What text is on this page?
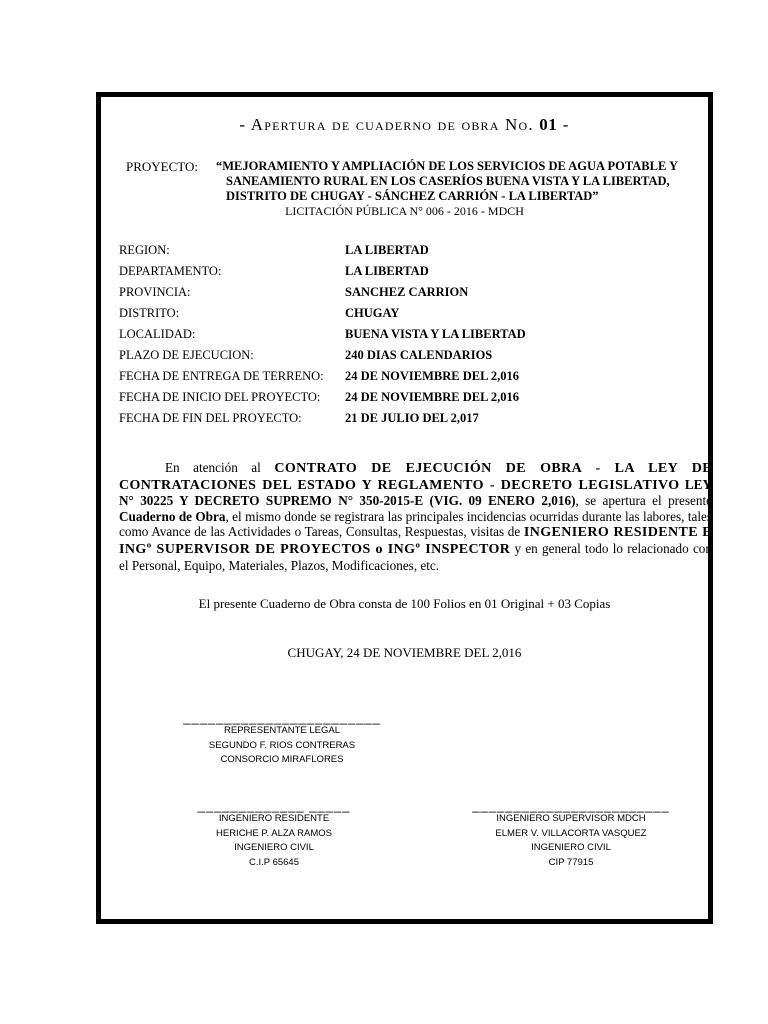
- Apertura de cuaderno de obra No. 01 -
PROYECTO: “MEJORAMIENTO Y AMPLIACIÓN DE LOS SERVICIOS DE AGUA POTABLE Y
SANEAMIENTO RURAL EN LOS CASERÍOS BUENA VISTA Y LA LIBERTAD,
DISTRITO DE CHUGAY - SÁNCHEZ CARRIÓN - LA LIBERTAD”
LICITACIÓN PÚBLICA N° 006 - 2016 - MDCH
REGION:	LA LIBERTAD
DEPARTAMENTO:	LA LIBERTAD
PROVINCIA:	SANCHEZ CARRION
DISTRITO:	CHUGAY
LOCALIDAD:	BUENA VISTA Y LA LIBERTAD
PLAZO DE EJECUCION:	240 DIAS CALENDARIOS
FECHA DE ENTREGA DE TERRENO: 24 DE NOVIEMBRE DEL 2,016
FECHA DE INICIO DEL PROYECTO: 24 DE NOVIEMBRE DEL 2,016
FECHA DE FIN DEL PROYECTO:	21 DE JULIO DEL 2,017
En atención al CONTRATO DE EJECUCIÓN DE OBRA - LA LEY DE CONTRATACIONES DEL ESTADO Y REGLAMENTO - DECRETO LEGISLATIVO LEY N° 30225 Y DECRETO SUPREMO N° 350-2015-E (VIG. 09 ENERO 2,016), se apertura el presente Cuaderno de Obra, el mismo donde se registrara las principales incidencias ocurridas durante las labores, tales como Avance de las Actividades o Tareas, Consultas, Respuestas, visitas de INGENIERO RESIDENTE E INGº SUPERVISOR DE PROYECTOS o INGº INSPECTOR y en general todo lo relacionado con el Personal, Equipo, Materiales, Plazos, Modificaciones, etc.
El presente Cuaderno de Obra consta de 100 Folios en 01 Original + 03 Copias
CHUGAY, 24 DE NOVIEMBRE DEL 2,016
________________________
REPRESENTANTE LEGAL
SEGUNDO F. RIOS CONTRERAS
CONSORCIO MIRAFLORES
_____________ _____
INGENIERO RESIDENTE
HERICHE P. ALZA RAMOS
INGENIERO CIVIL
C.I.P 65645
________________________
INGENIERO SUPERVISOR MDCH
ELMER V. VILLACORTA VASQUEZ
INGENIERO CIVIL
CIP 77915
